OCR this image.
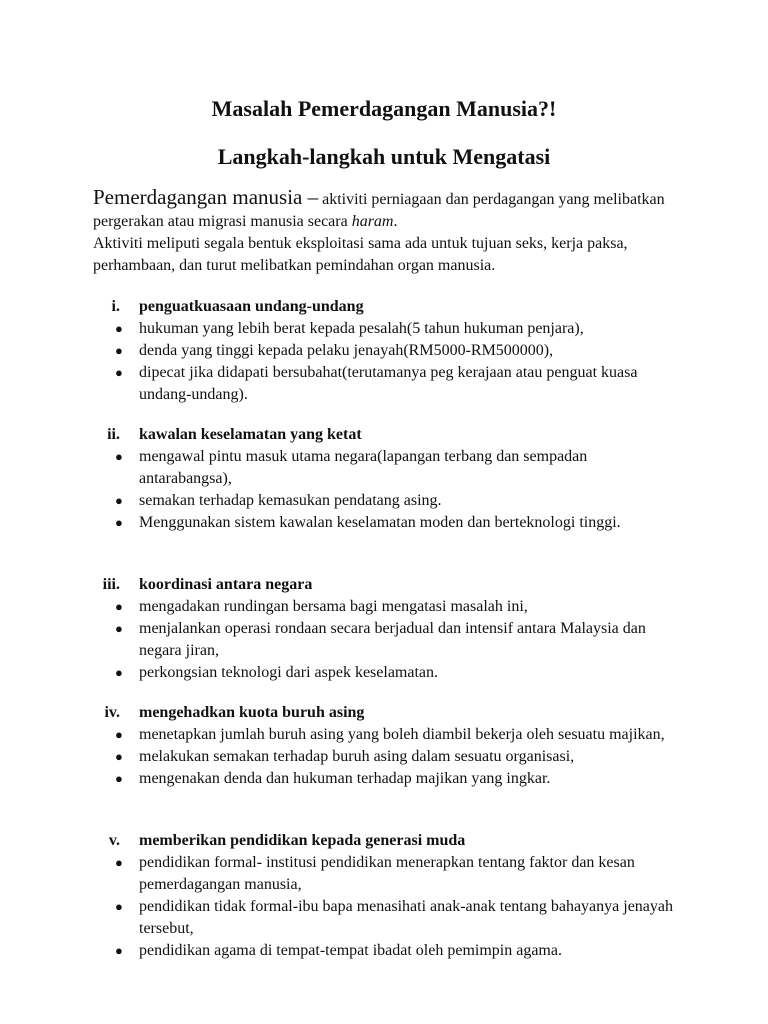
Masalah Pemerdagangan Manusia?!
Langkah-langkah untuk Mengatasi

Pemerdagangan manusia – aktiviti perniagaan dan perdagangan yang melibatkan pergerakan atau migrasi manusia secara haram.

Aktiviti meliputi segala bentuk eksploitasi sama ada untuk tujuan seks, kerja paksa, perhambaan, dan turut melibatkan pemindahan organ manusia.

i. penguatkuasaan undang-undang
● hukuman yang lebih berat kepada pesalah(5 tahun hukuman penjara),
● denda yang tinggi kepada pelaku jenayah(RM5000-RM500000),
● dipecat jika didapati bersubahat(terutamanya peg kerajaan atau penguat kuasa undang-undang).
ii. kawalan keselamatan yang ketat
● mengawal pintu masuk utama negara(lapangan terbang dan sempadan antarabangsa),
● semakan terhadap kemasukan pendatang asing.
● Menggunakan sistem kawalan keselamatan moden dan berteknologi tinggi.
iii. koordinasi antara negara
● mengadakan rundingan bersama bagi mengatasi masalah ini,
● menjalankan operasi rondaan secara berjadual dan intensif antara Malaysia dan negara jiran,
● perkongsian teknologi dari aspek keselamatan.
iv. mengehadkan kuota buruh asing
● menetapkan jumlah buruh asing yang boleh diambil bekerja oleh sesuatu majikan,
● melakukan semakan terhadap buruh asing dalam sesuatu organisasi,
● mengenakan denda dan hukuman terhadap majikan yang ingkar.
v. memberikan pendidikan kepada generasi muda
● pendidikan formal- institusi pendidikan menerapkan tentang faktor dan kesan pemerdagangan manusia,
● pendidikan tidak formal-ibu bapa menasihati anak-anak tentang bahayanya jenayah tersebut,
● pendidikan agama di tempat-tempat ibadat oleh pemimpin agama.
